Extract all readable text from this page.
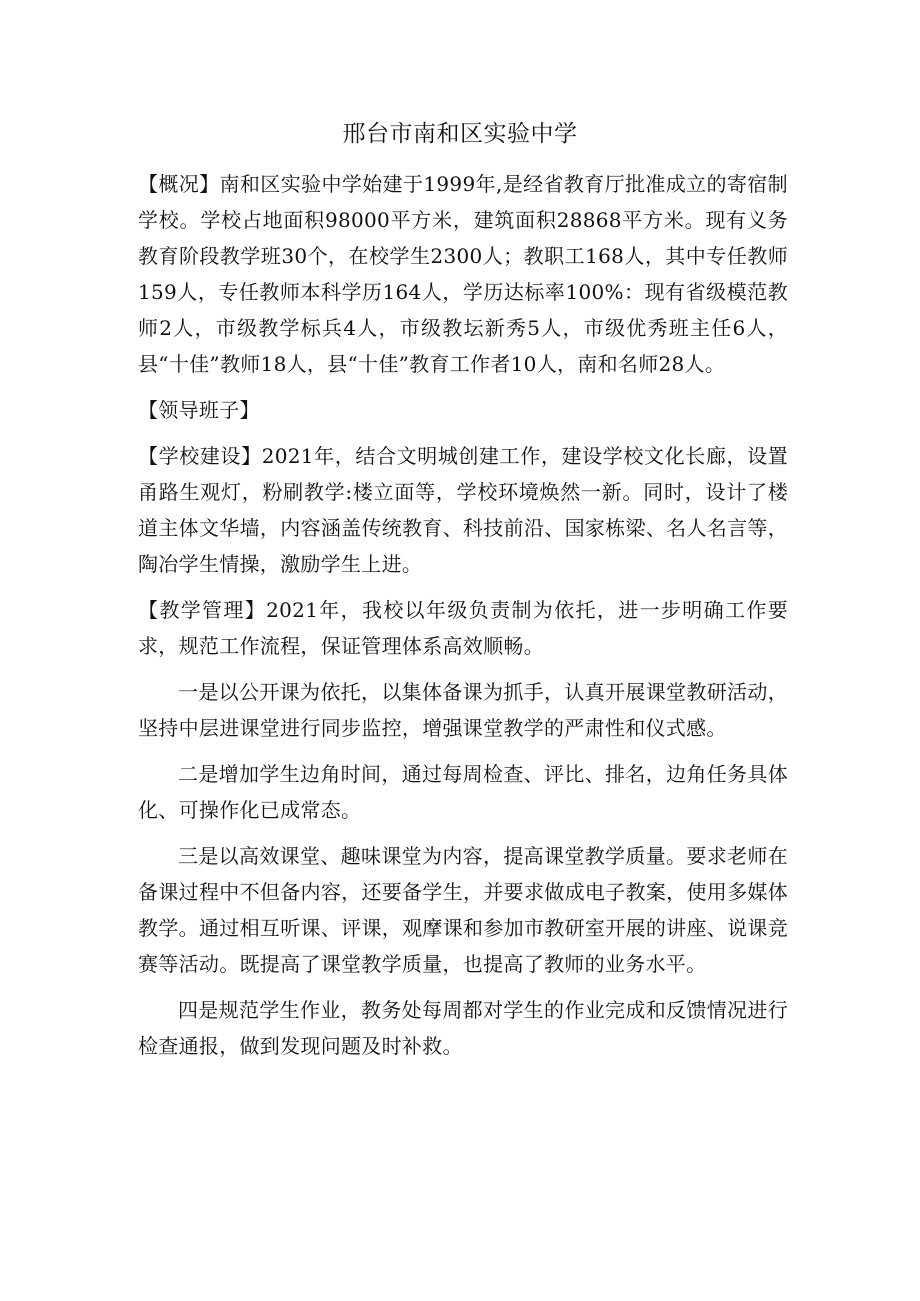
邢台市南和区实验中学

【概况】南和区实验中学始建于1999年,是经省教育厅批准成立的寄宿制学校。学校占地面积98000平方米，建筑面积28868平方米。现有义务教育阶段教学班30个，在校学生2300人；教职工168人，其中专任教师159人，专任教师本科学历164人，学历达标率100%：现有省级模范教师2人，市级教学标兵4人，市级教坛新秀5人，市级优秀班主任6人，县“十佳”教师18人，县“十佳”教育工作者10人，南和名师28人。

【领导班子】

【学校建设】2021年，结合文明城创建工作，建设学校文化长廊，设置甬路生观灯，粉刷教学:楼立面等，学校环境焕然一新。同时，设计了楼道主体文华墙，内容涵盖传统教育、科技前沿、国家栋梁、名人名言等，陶冶学生情操，激励学生上进。

【教学管理】2021年，我校以年级负责制为依托，进一步明确工作要求，规范工作流程，保证管理体系高效顺畅。

一是以公开课为依托，以集体备课为抓手，认真开展课堂教研活动，坚持中层进课堂进行同步监控，增强课堂教学的严肃性和仪式感。

二是增加学生边角时间，通过每周检查、评比、排名，边角任务具体化、可操作化已成常态。

三是以高效课堂、趣味课堂为内容，提高课堂教学质量。要求老师在备课过程中不但备内容，还要备学生，并要求做成电子教案，使用多媒体教学。通过相互听课、评课，观摩课和参加市教研室开展的讲座、说课竞赛等活动。既提高了课堂教学质量，也提高了教师的业务水平。

四是规范学生作业，教务处每周都对学生的作业完成和反馈情况进行检查通报，做到发现问题及时补救。
